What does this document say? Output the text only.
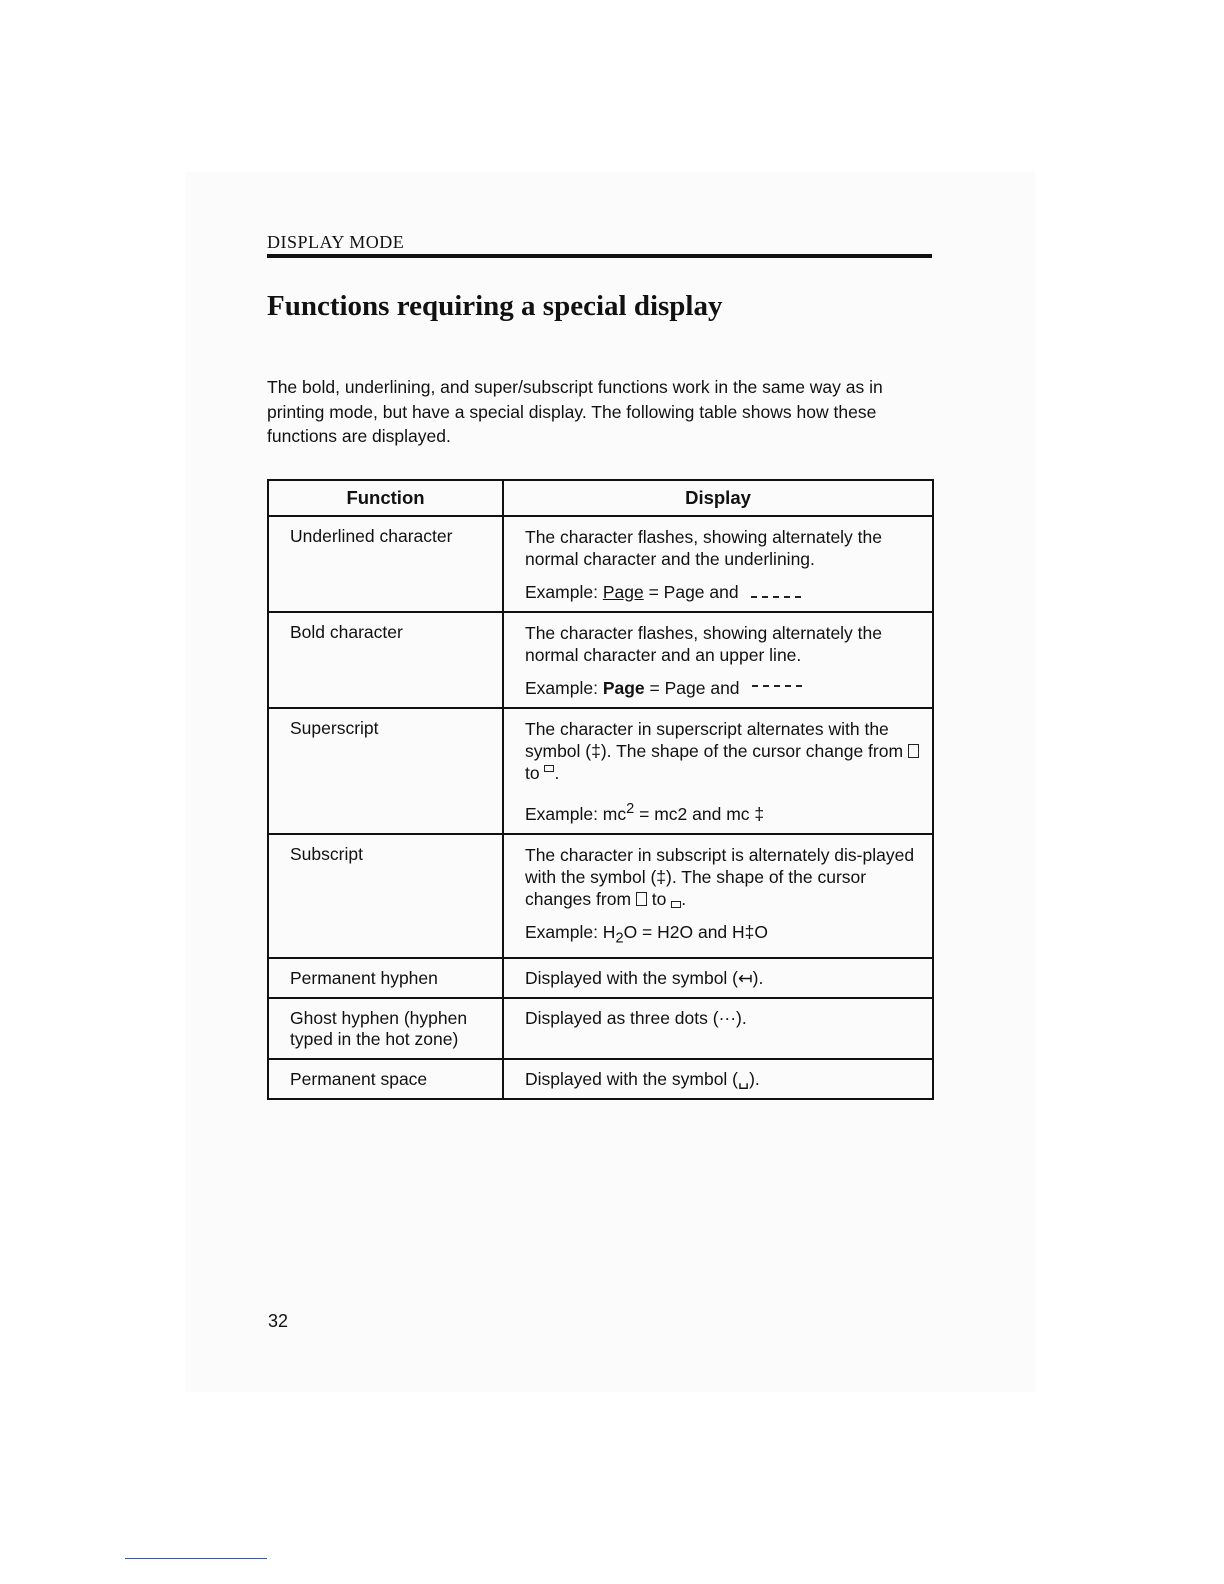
DISPLAY MODE
Functions requiring a special display

The bold, underlining, and super/subscript functions work in the same way as in printing mode, but have a special display. The following table shows how these functions are displayed.

Function	Display
Underlined character	The character flashes, showing alternately the normal character and the underlining.
Example: Page = Page and

Bold character	The character flashes, showing alternately the normal character and an upper line.
Example: Page = Page and

Superscript	The character in superscript alternates with the symbol (‡). The shape of the cursor change from  to .
Example: $mc^2 = mc2$ and mc ‡

Subscript	The character in subscript is alternately dis-played with the symbol (‡). The shape of the cursor changes from to .
Example: $H_2O = H2O$ and H‡O

Permanent hyphen	Displayed with the symbol (↤).
Ghost hyphen (hyphen typed in the hot zone)	Displayed as three dots (···).
Permanent space	Displayed with the symbol (␣).
32
